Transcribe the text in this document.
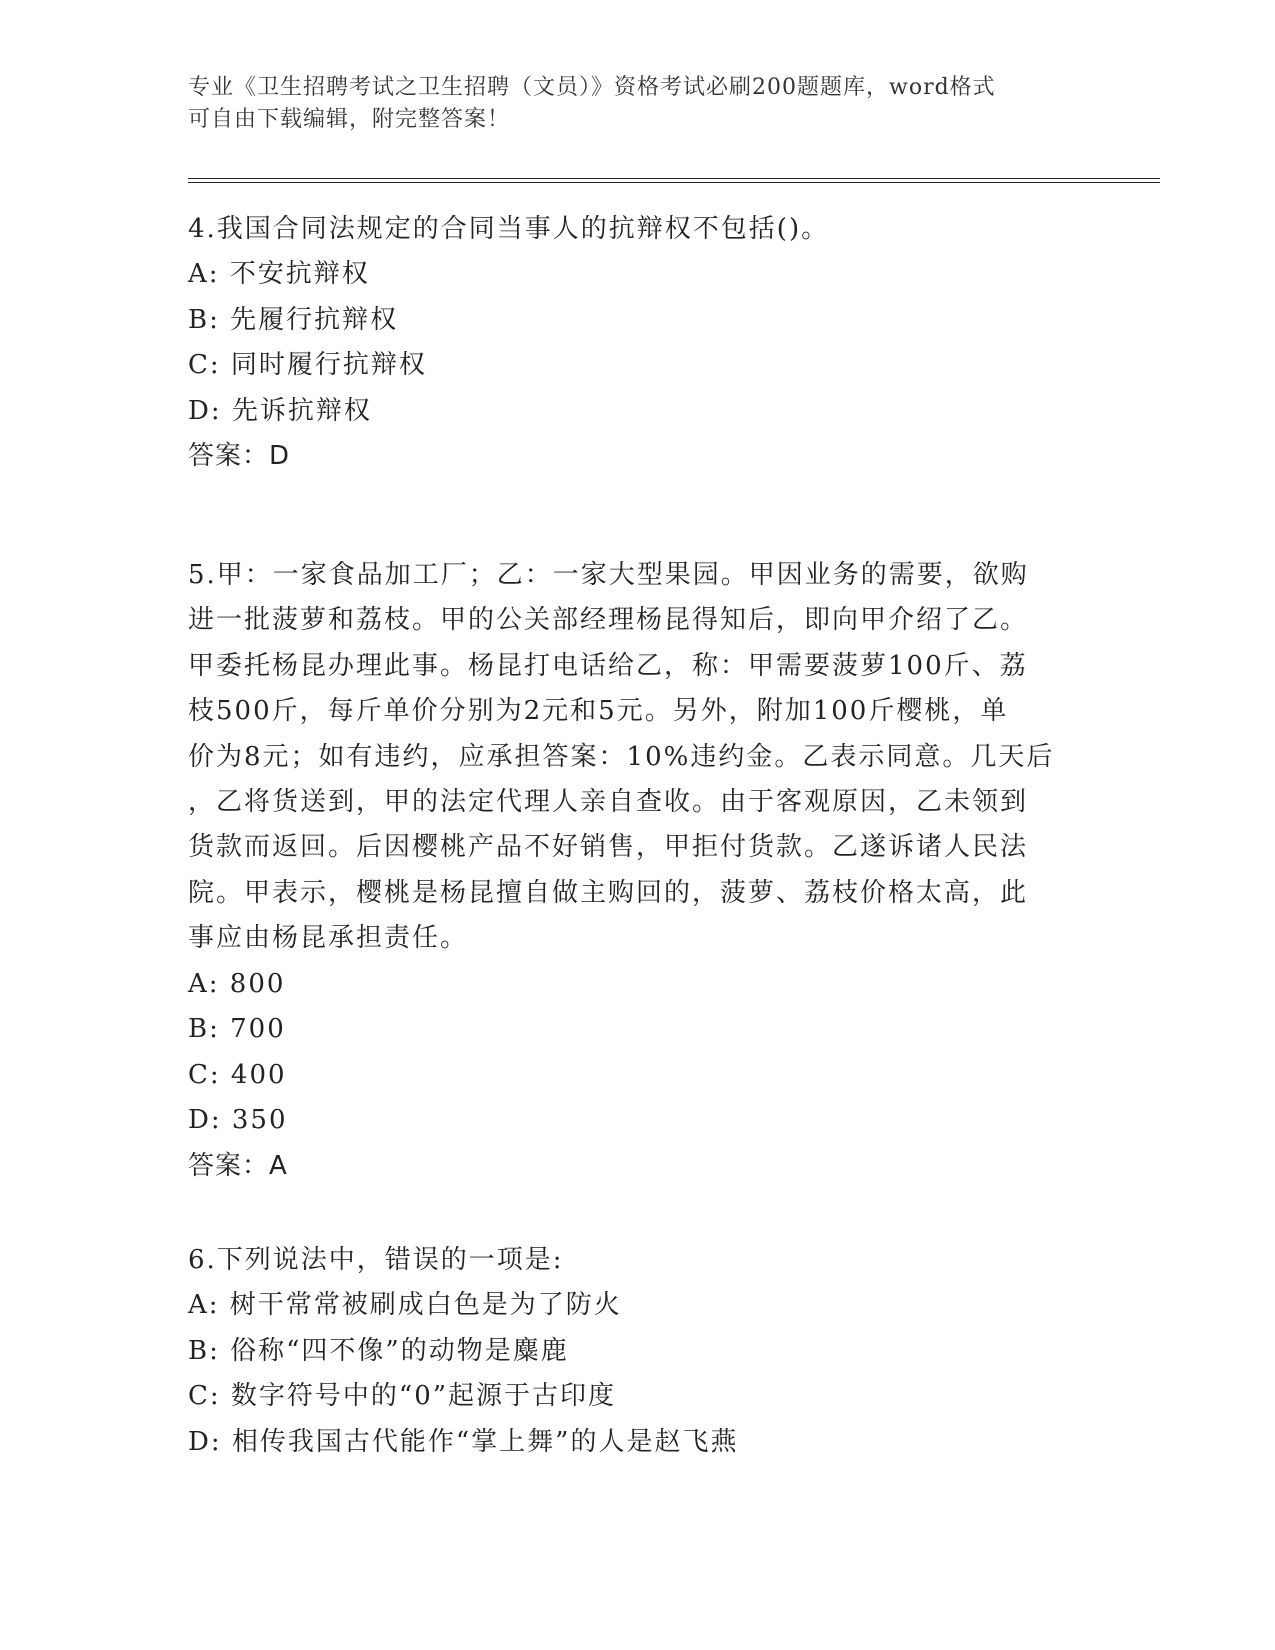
专业《卫生招聘考试之卫生招聘（文员）》资格考试必刷200题题库，word格式
可自由下载编辑，附完整答案！
4.我国合同法规定的合同当事人的抗辩权不包括()。
A: 不安抗辩权
B: 先履行抗辩权
C: 同时履行抗辩权
D: 先诉抗辩权
答案：D
5.甲：一家食品加工厂；乙：一家大型果园。甲因业务的需要，欲购
进一批菠萝和荔枝。甲的公关部经理杨昆得知后，即向甲介绍了乙。
甲委托杨昆办理此事。杨昆打电话给乙，称：甲需要菠萝100斤、荔
枝500斤，每斤单价分别为2元和5元。另外，附加100斤樱桃，单
价为8元；如有违约，应承担答案：10%违约金。乙表示同意。几天后
，乙将货送到，甲的法定代理人亲自查收。由于客观原因，乙未领到
货款而返回。后因樱桃产品不好销售，甲拒付货款。乙遂诉诸人民法
院。甲表示，樱桃是杨昆擅自做主购回的，菠萝、荔枝价格太高，此
事应由杨昆承担责任。
A: 800
B: 700
C: 400
D: 350
答案：A
6.下列说法中，错误的一项是:
A: 树干常常被刷成白色是为了防火
B: 俗称“四不像”的动物是麋鹿
C: 数字符号中的“0”起源于古印度
D: 相传我国古代能作“掌上舞”的人是赵飞燕
